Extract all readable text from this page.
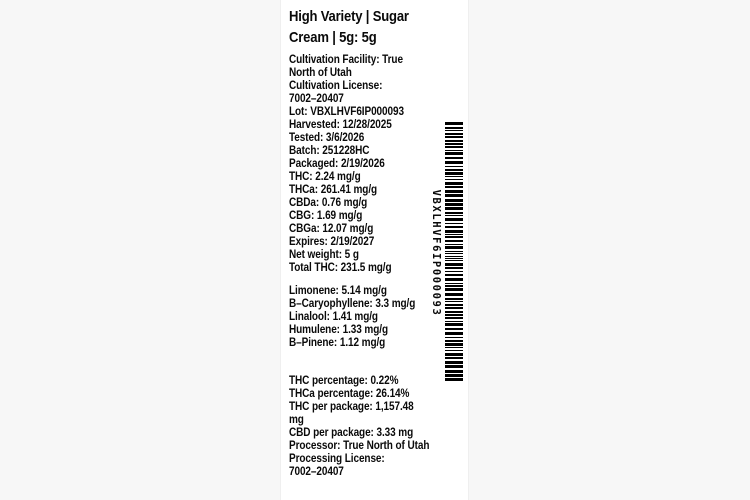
High Variety | Sugar
Cream | 5g: 5g
Cultivation Facility: True
North of Utah
Cultivation License:
7002–20407
Lot: VBXLHVF6IP000093
Harvested: 12/28/2025
Tested: 3/6/2026
Batch: 251228HC
Packaged: 2/19/2026
THC: 2.24 mg/g
THCa: 261.41 mg/g
CBDa: 0.76 mg/g
CBG: 1.69 mg/g
CBGa: 12.07 mg/g
Expires: 2/19/2027
Net weight: 5 g
Total THC: 231.5 mg/g
Limonene: 5.14 mg/g
B–Caryophyllene: 3.3 mg/g
Linalool: 1.41 mg/g
Humulene: 1.33 mg/g
B–Pinene: 1.12 mg/g
THC percentage: 0.22%
THCa percentage: 26.14%
THC per package: 1,157.48
mg
CBD per package: 3.33 mg
Processor: True North of Utah
Processing License:
7002–20407
VBXLHVF6IP000093
